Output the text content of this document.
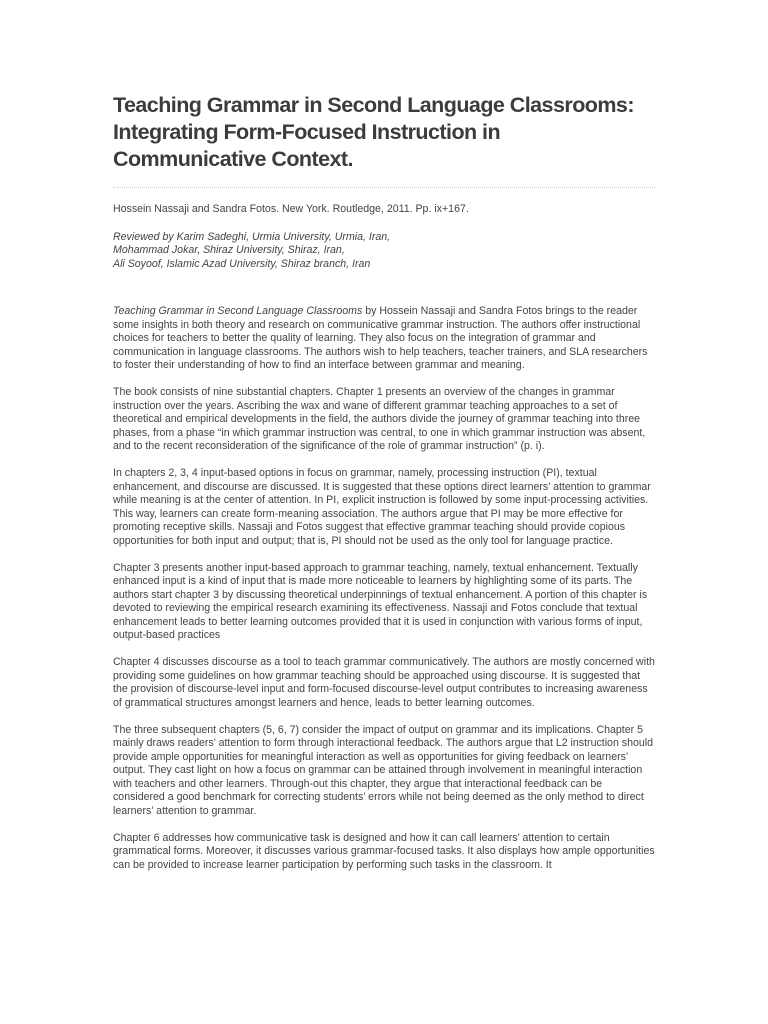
Teaching Grammar in Second Language Classrooms: Integrating Form-Focused Instruction in Communicative Context.
Hossein Nassaji and Sandra Fotos. New York. Routledge, 2011. Pp. ix+167.
Reviewed by Karim Sadeghi, Urmia University, Urmia, Iran,
Mohammad Jokar, Shiraz University, Shiraz, Iran,
Ali Soyoof, Islamic Azad University, Shiraz branch, Iran

Teaching Grammar in Second Language Classrooms by Hossein Nassaji and Sandra Fotos brings to the reader some insights in both theory and research on communicative grammar instruction. The authors offer instructional choices for teachers to better the quality of learning. They also focus on the integration of grammar and communication in language classrooms. The authors wish to help teachers, teacher trainers, and SLA researchers to foster their understanding of how to find an interface between grammar and meaning.

The book consists of nine substantial chapters. Chapter 1 presents an overview of the changes in grammar instruction over the years. Ascribing the wax and wane of different grammar teaching approaches to a set of theoretical and empirical developments in the field, the authors divide the journey of grammar teaching into three phases, from a phase “in which grammar instruction was central, to one in which grammar instruction was absent, and to the recent reconsideration of the significance of the role of grammar instruction” (p. i).

In chapters 2, 3, 4 input-based options in focus on grammar, namely, processing instruction (PI), textual enhancement, and discourse are discussed. It is suggested that these options direct learners’ attention to grammar while meaning is at the center of attention. In PI, explicit instruction is followed by some input-processing activities. This way, learners can create form-meaning association. The authors argue that PI may be more effective for promoting receptive skills. Nassaji and Fotos suggest that effective grammar teaching should provide copious opportunities for both input and output; that is, PI should not be used as the only tool for language practice.

Chapter 3 presents another input-based approach to grammar teaching, namely, textual enhancement. Textually enhanced input is a kind of input that is made more noticeable to learners by highlighting some of its parts. The authors start chapter 3 by discussing theoretical underpinnings of textual enhancement. A portion of this chapter is devoted to reviewing the empirical research examining its effectiveness. Nassaji and Fotos conclude that textual enhancement leads to better learning outcomes provided that it is used in conjunction with various forms of input, output-based practices

Chapter 4 discusses discourse as a tool to teach grammar communicatively. The authors are mostly concerned with providing some guidelines on how grammar teaching should be approached using discourse. It is suggested that the provision of discourse-level input and form-focused discourse-level output contributes to increasing awareness of grammatical structures amongst learners and hence, leads to better learning outcomes.

The three subsequent chapters (5, 6, 7) consider the impact of output on grammar and its implications. Chapter 5 mainly draws readers’ attention to form through interactional feedback. The authors argue that L2 instruction should provide ample opportunities for meaningful interaction as well as opportunities for giving feedback on learners’ output. They cast light on how a focus on grammar can be attained through involvement in meaningful interaction with teachers and other learners. Through-out this chapter, they argue that interactional feedback can be considered a good benchmark for correcting students’ errors while not being deemed as the only method to direct learners’ attention to grammar.

Chapter 6 addresses how communicative task is designed and how it can call learners’ attention to certain grammatical forms. Moreover, it discusses various grammar-focused tasks. It also displays how ample opportunities can be provided to increase learner participation by performing such tasks in the classroom. It
